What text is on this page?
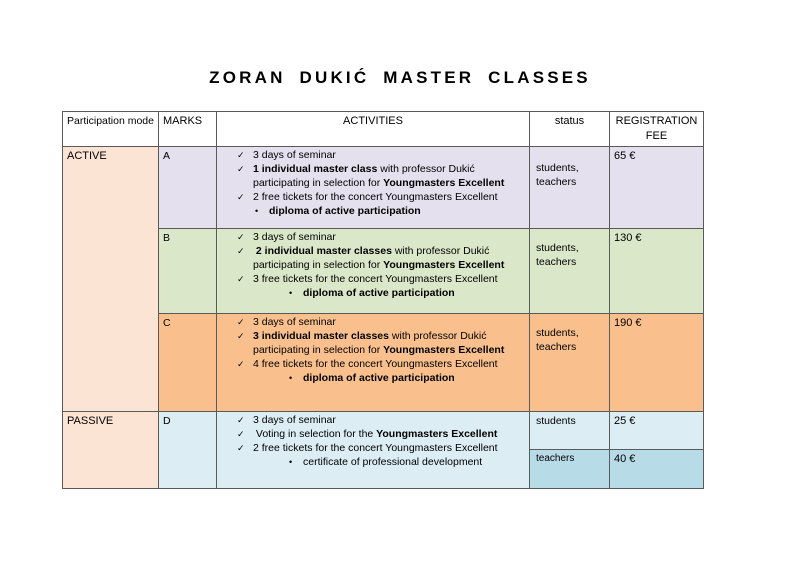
ZORAN DUKIĆ MASTER CLASSES
Participation mode	MARKS	ACTIVITIES	status	REGISTRATION FEE
ACTIVE	A	✓ 3 days of seminar
✓ 1 individual master class with professor Dukić
participating in selection for Youngmasters Excellent
✓ 2 free tickets for the concert Youngmasters Excellent
• diploma of active participation	students, teachers	65 €
	B	✓ 3 days of seminar
✓ 2 individual master classes with professor Dukić
participating in selection for Youngmasters Excellent
✓ 3 free tickets for the concert Youngmasters Excellent
• diploma of active participation	students, teachers	130 €
	C	✓ 3 days of seminar
✓ 3 individual master classes with professor Dukić
participating in selection for Youngmasters Excellent
✓ 4 free tickets for the concert Youngmasters Excellent
• diploma of active participation	students, teachers	190 €
PASSIVE	D	✓ 3 days of seminar
✓ Voting in selection for the Youngmasters Excellent
✓ 2 free tickets for the concert Youngmasters Excellent
• certificate of professional development	students	25 €
			teachers	40 €
